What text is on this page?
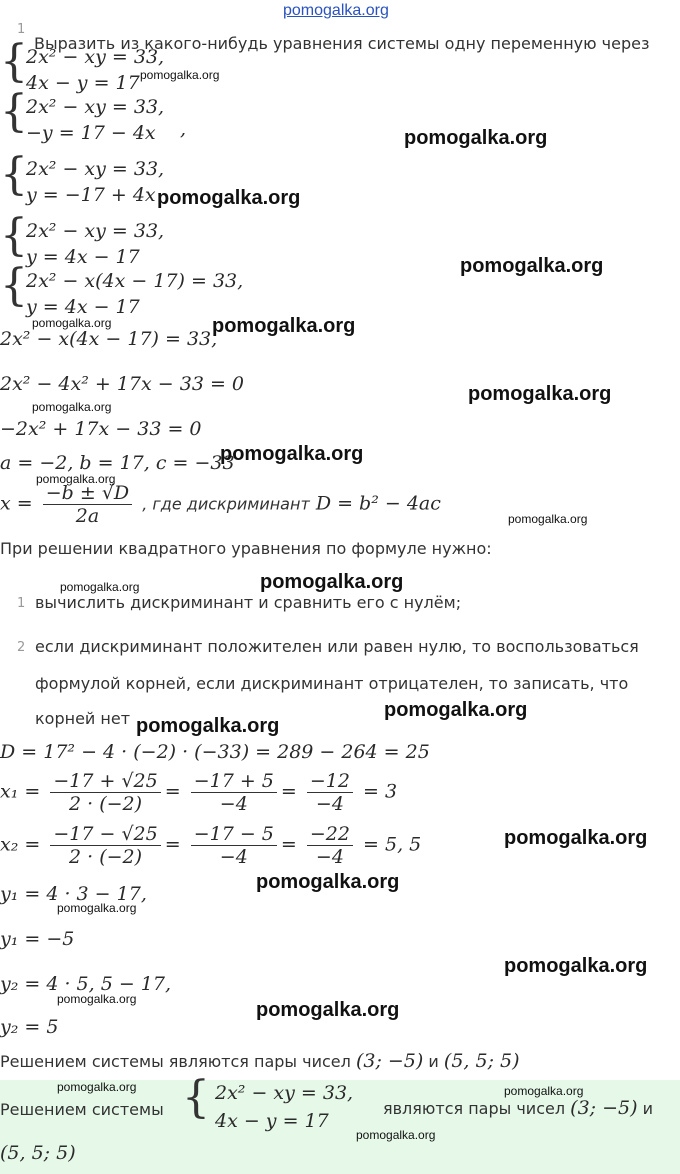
pomogalka.org
1
Выразить из какого-нибудь уравнения системы одну переменную через
{
2x² − xy = 33,
4x − y = 17
{
2x² − xy = 33,
−y = 17 − 4x ,
{
2x² − xy = 33,
y = −17 + 4x
{
2x² − xy = 33,
y = 4x − 17
{
2x² − x(4x − 17) = 33,
y = 4x − 17
2x² − x(4x − 17) = 33,
2x² − 4x² + 17x − 33 = 0
−2x² + 17x − 33 = 0
a = −2, b = 17, c = −33
$x = \frac{-b \pm √D}{2a}$ , где дискриминант D = b² − 4ac
При решении квадратного уравнения по формуле нужно:
1 вычислить дискриминант и сравнить его с нулём;
2 если дискриминант положителен или равен нулю, то воспользоваться
формулой корней, если дискриминант отрицателен, то записать, что
корней нет
D = 17² − 4 · (−2) · (−33) = 289 − 264 = 25
$x_1 = \frac{-17 + √25}{2 \cdot (-2)} = \frac{-17 + 5}{-4} = \frac{-12}{-4} = 3$
$x_2 = \frac{-17 - √25}{2 \cdot (-2)} = \frac{-17 - 5}{-4} = \frac{-22}{-4} = 5$, 5
y₁ = 4 · 3 − 17,
y₁ = −5
y₂ = 4 · 5, 5 − 17,
y₂ = 5
Решением системы являются пары чисел (3; −5) и (5, 5; 5)
Решением системы { 2x² − xy = 33,
4x − y = 17
являются пары чисел (3; −5) и
(5, 5; 5)
pomogalka.org
pomogalka.org
pomogalka.org
pomogalka.org
pomogalka.org	pomogalka.org
pomogalka.org
pomogalka.org
pomogalka.org
pomogalka.org
pomogalka.org
pomogalka.org
pomogalka.org
pomogalka.org
pomogalka.org
pomogalka.org
pomogalka.org
pomogalka.org
pomogalka.org
pomogalka.org	pomogalka.org
pomogalka.org	pomogalka.org
pomogalka.org
